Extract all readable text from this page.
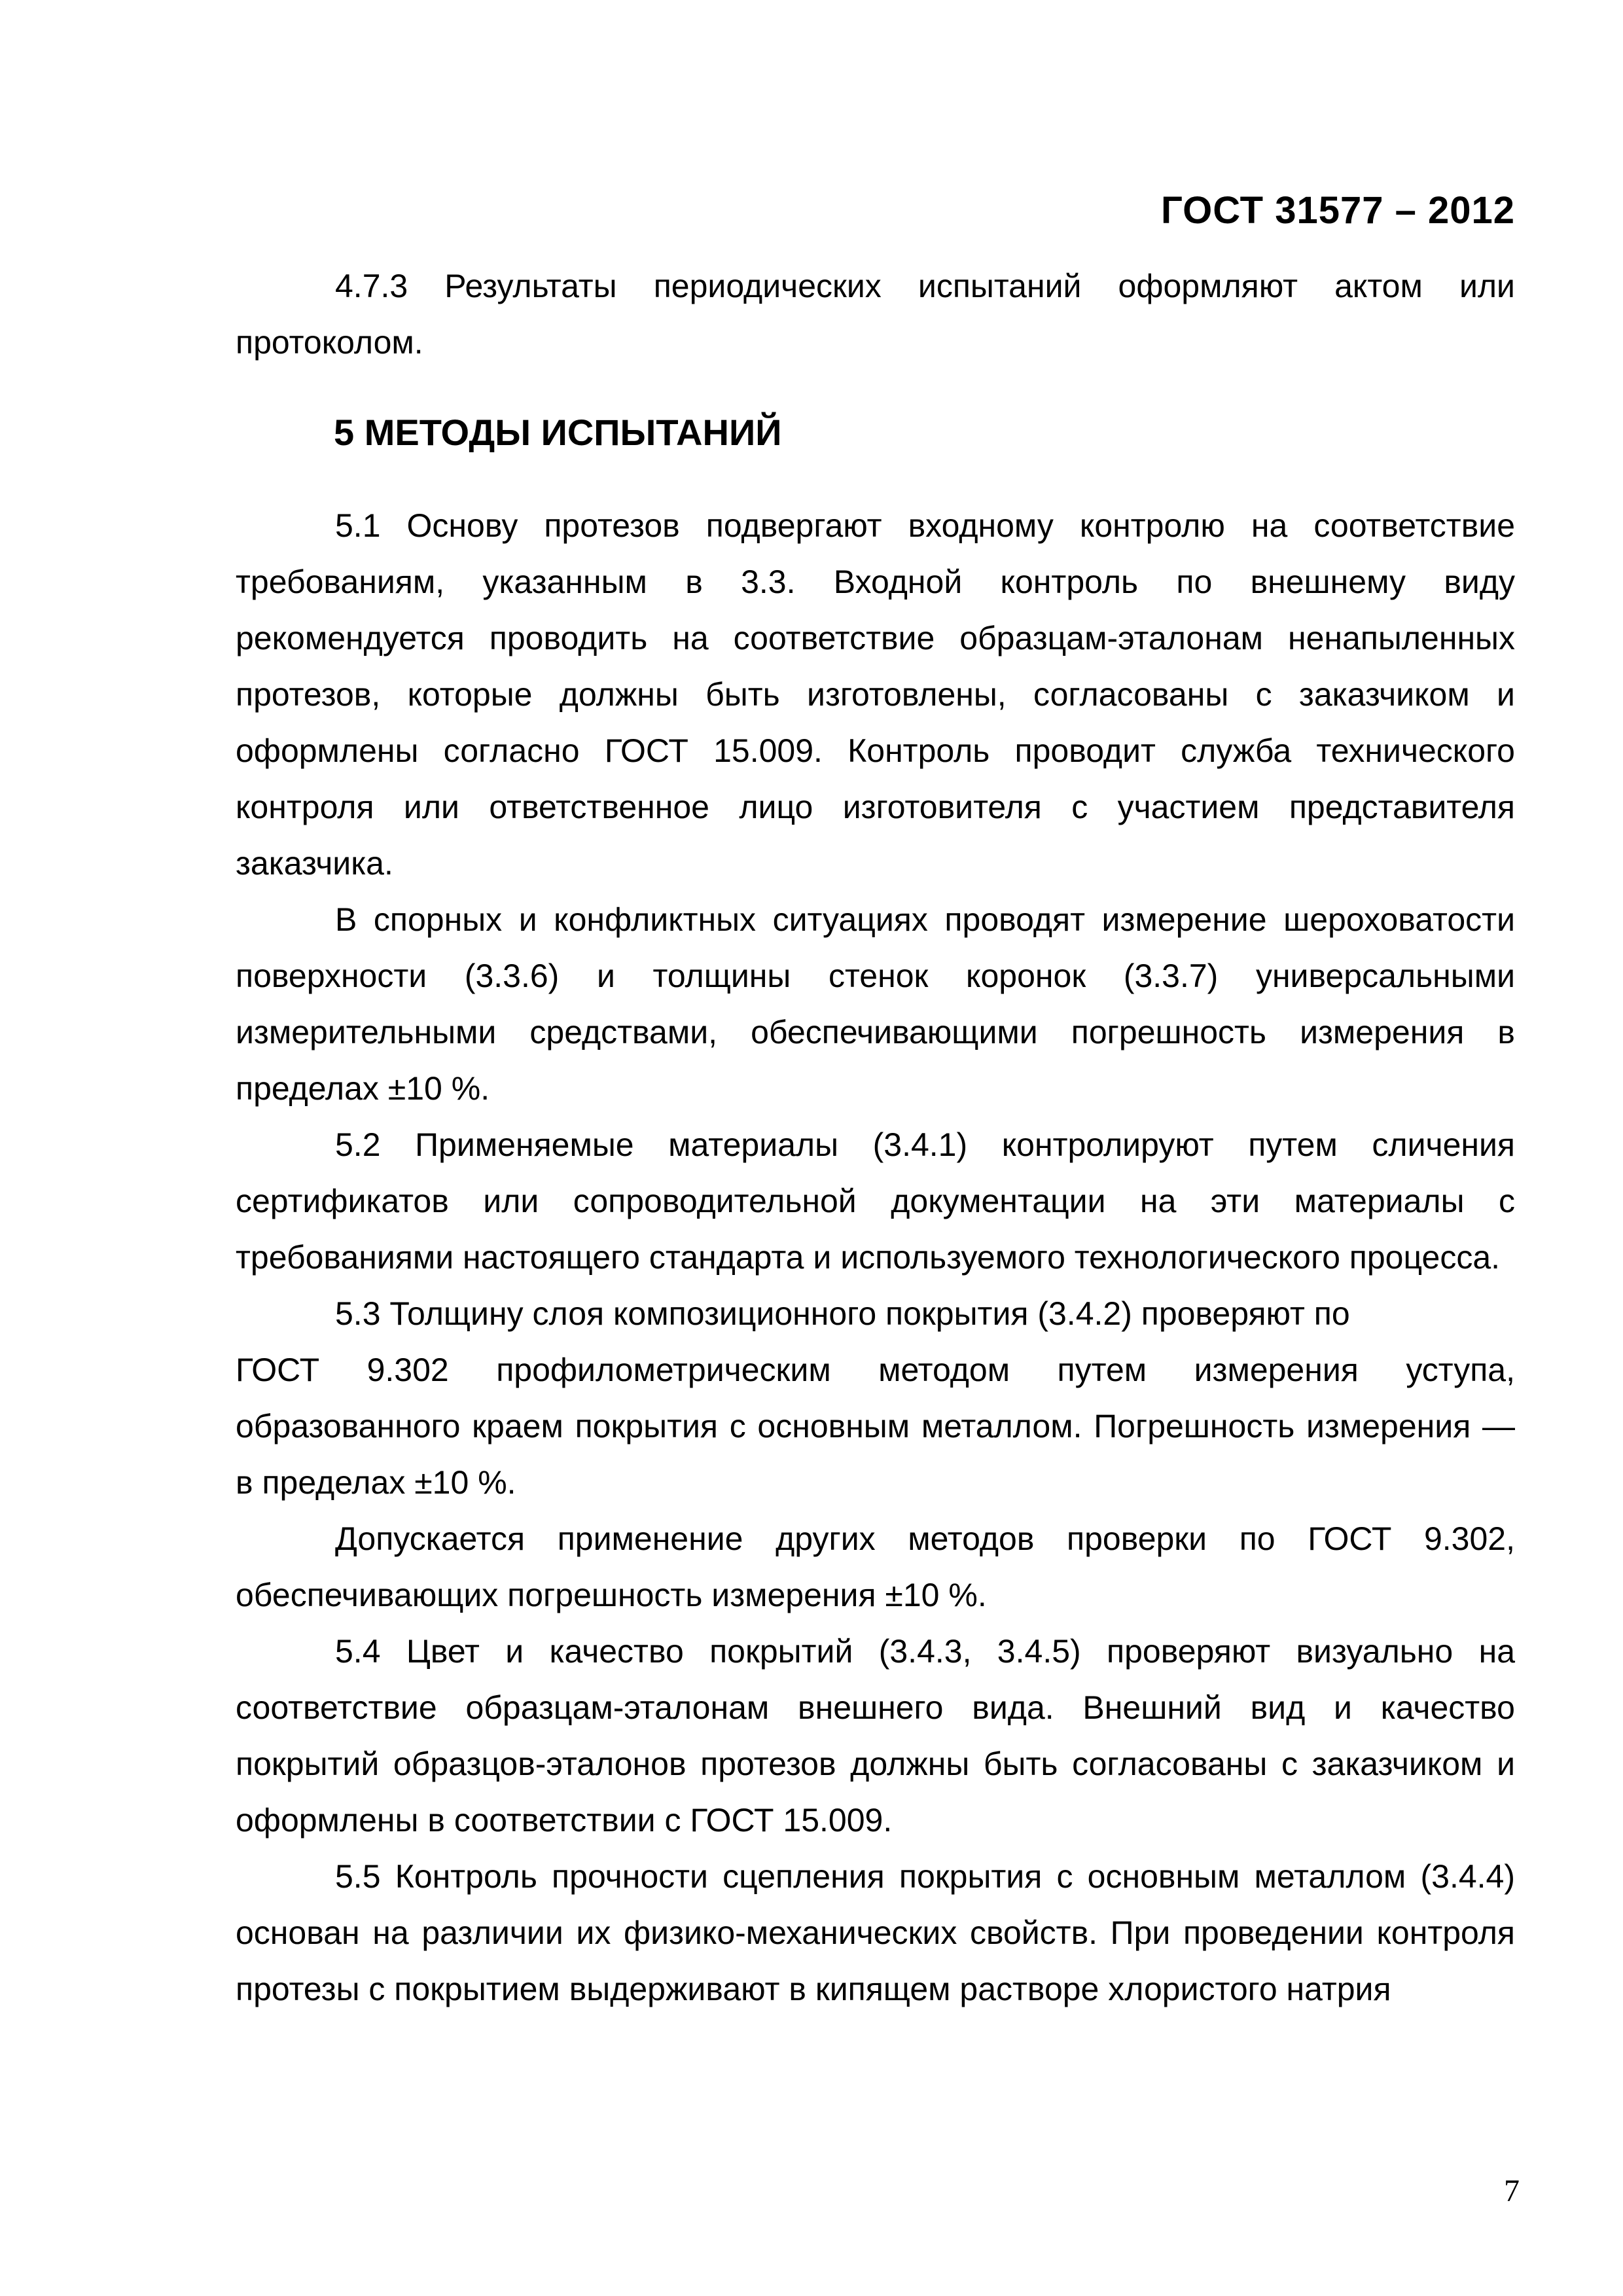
ГОСТ 31577 – 2012

4.7.3 Результаты периодических испытаний оформляют актом или протоколом.

5 МЕТОДЫ ИСПЫТАНИЙ

5.1 Основу протезов подвергают входному контролю на соответствие требованиям, указанным в 3.3. Входной контроль по внешнему виду рекомендуется проводить на соответствие образцам-эталонам ненапыленных протезов, которые должны быть изготовлены, согласованы с заказчиком и оформлены согласно ГОСТ 15.009. Контроль проводит служба технического контроля или ответственное лицо изготовителя с участием представителя заказчика.

В спорных и конфликтных ситуациях проводят измерение шероховатости поверхности (3.3.6) и толщины стенок коронок (3.3.7) универсальными измерительными средствами, обеспечивающими погрешность измерения в пределах ±10 %.

5.2 Применяемые материалы (3.4.1) контролируют путем сличения сертификатов или сопроводительной документации на эти материалы с требованиями настоящего стандарта и используемого технологического процесса.

5.3 Толщину слоя композиционного покрытия (3.4.2) проверяют по

ГОСТ 9.302 профилометрическим методом путем измерения уступа, образованного краем покрытия с основным металлом. Погрешность измерения — в пределах ±10 %.

Допускается применение других методов проверки по ГОСТ 9.302, обеспечивающих погрешность измерения ±10 %.

5.4 Цвет и качество покрытий (3.4.3, 3.4.5) проверяют визуально на соответствие образцам-эталонам внешнего вида. Внешний вид и качество покрытий образцов-эталонов протезов должны быть согласованы с заказчиком и оформлены в соответствии с ГОСТ 15.009.

5.5 Контроль прочности сцепления покрытия с основным металлом (3.4.4) основан на различии их физико-механических свойств. При проведении контроля протезы с покрытием выдерживают в кипящем растворе хлористого натрия

7
